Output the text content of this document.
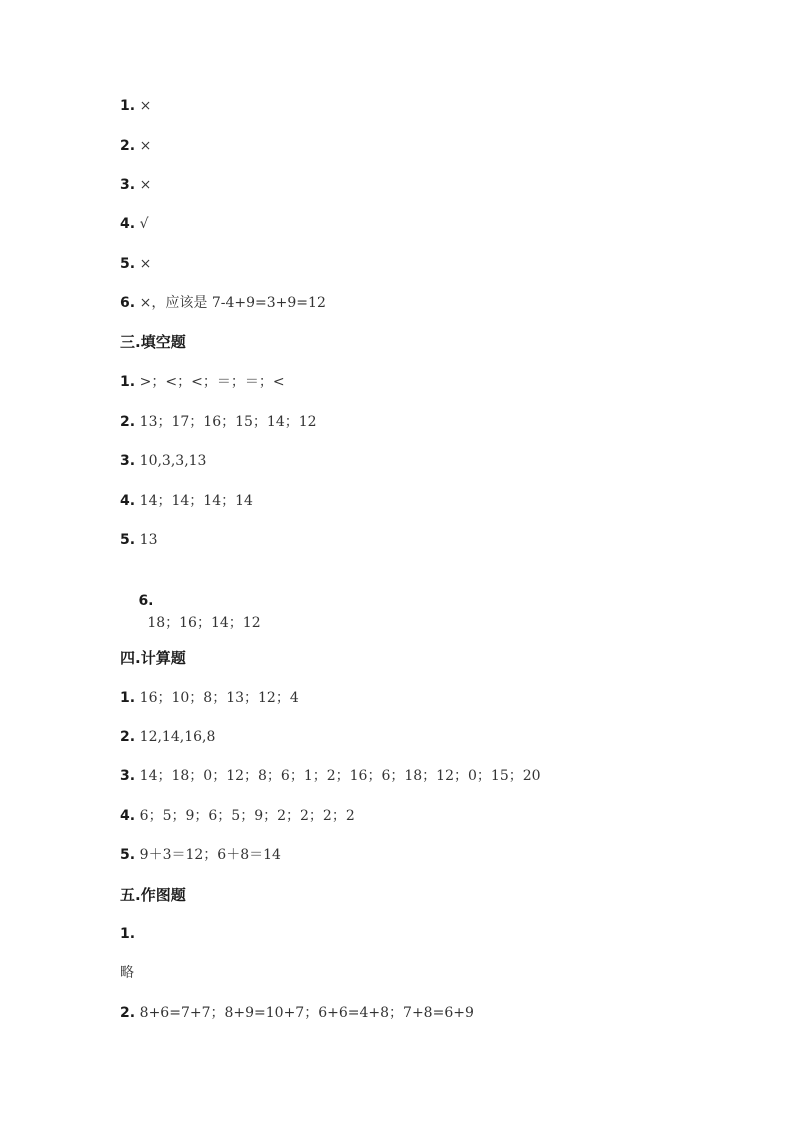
1. ×
2. ×
3. ×
4. √
5. ×
6. ×，应该是 7-4+9=3+9=12
三.填空题
1. >；<；<；＝；＝；<
2. 13；17；16；15；14；12
3. 10,3,3,13
4. 14；14；14；14
5. 13

6.
18；16；14；12

四.计算题
1. 16；10；8；13；12；4
2. 12,14,16,8
3. 14；18；0；12；8；6；1；2；16；6；18；12；0；15；20
4. 6；5；9；6；5；9；2；2；2；2
5. 9＋3＝12；6＋8＝14
五.作图题
1.
略
2. 8+6=7+7；8+9=10+7；6+6=4+8；7+8=6+9
